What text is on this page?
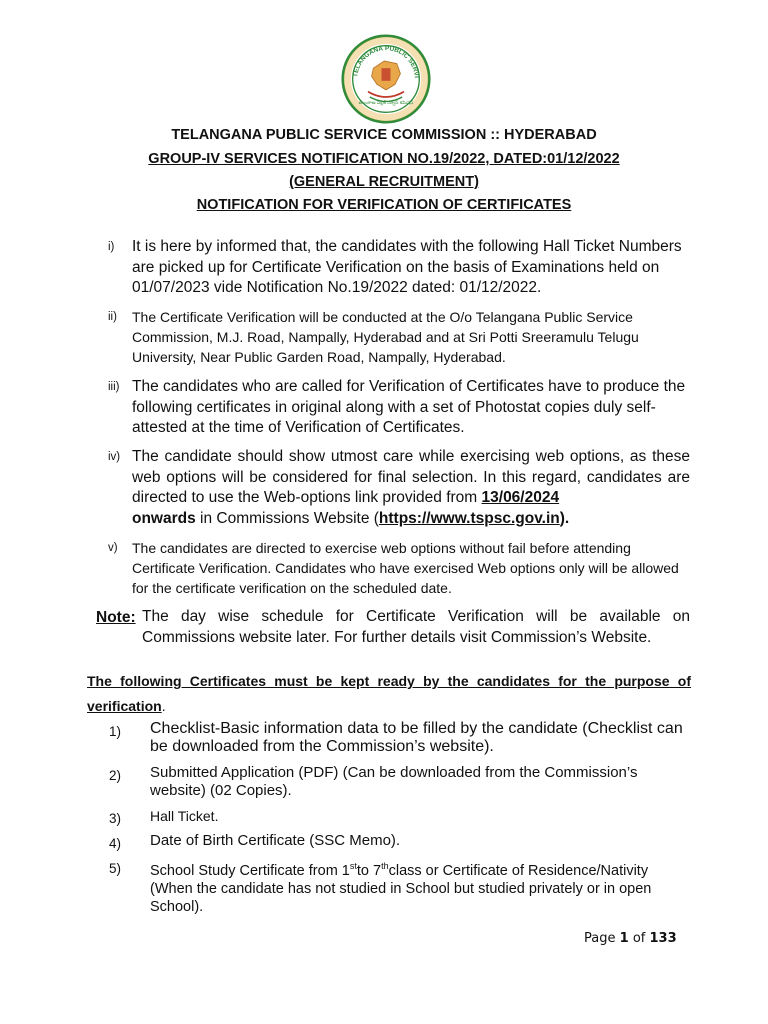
TELANGANA PUBLIC SERVI
తెలంగాణ పబ్లిక్ సర్వీస్ కమిషన్
TELANGANA PUBLIC SERVICE COMMISSION :: HYDERABAD
GROUP-IV SERVICES NOTIFICATION NO.19/2022, DATED:01/12/2022
(GENERAL RECRUITMENT)
NOTIFICATION FOR VERIFICATION OF CERTIFICATES
i) It is here by informed that, the candidates with the following Hall Ticket Numbers are picked up for Certificate Verification on the basis of Examinations held on 01/07/2023 vide Notification No.19/2022 dated: 01/12/2022.
ii) The Certificate Verification will be conducted at the O/o Telangana Public Service Commission, M.J. Road, Nampally, Hyderabad and at Sri Potti Sreeramulu Telugu University, Near Public Garden Road, Nampally, Hyderabad.
iii) The candidates who are called for Verification of Certificates have to produce the following certificates in original along with a set of Photostat copies duly self-attested at the time of Verification of Certificates.
iv) The candidate should show utmost care while exercising web options, as these web options will be considered for final selection. In this regard, candidates are directed to use the Web-options link provided from 13/06/2024
onwards in Commissions Website (https://www.tspsc.gov.in).
v) The candidates are directed to exercise web options without fail before attending Certificate Verification. Candidates who have exercised Web options only will be allowed for the certificate verification on the scheduled date.
Note: The day wise schedule for Certificate Verification will be available on Commissions website later. For further details visit Commission’s Website.
The following Certificates must be kept ready by the candidates for the purpose of verification.
1) Checklist-Basic information data to be filled by the candidate (Checklist can be downloaded from the Commission’s website).
2) Submitted Application (PDF) (Can be downloaded from the Commission’s website) (02 Copies).
3) Hall Ticket.
4) Date of Birth Certificate (SSC Memo).
5) School Study Certificate from 1stto 7thclass or Certificate of Residence/Nativity (When the candidate has not studied in School but studied privately or in open School).
Page 1 of 133
